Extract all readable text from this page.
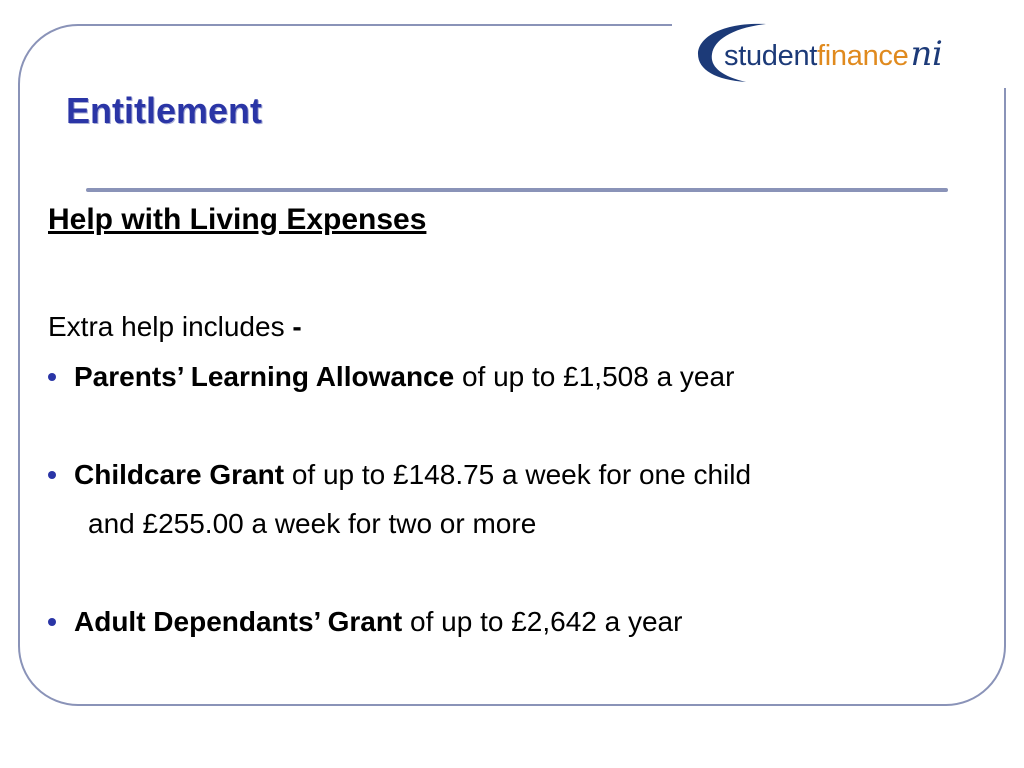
studentfinanceni
Entitlement
Help with Living Expenses
Extra help includes -
Parents’ Learning Allowance of up to £1,508 a year
Childcare Grant of up to £148.75 a week for one child
and £255.00 a week for two or more
Adult Dependants’ Grant of up to £2,642 a year
